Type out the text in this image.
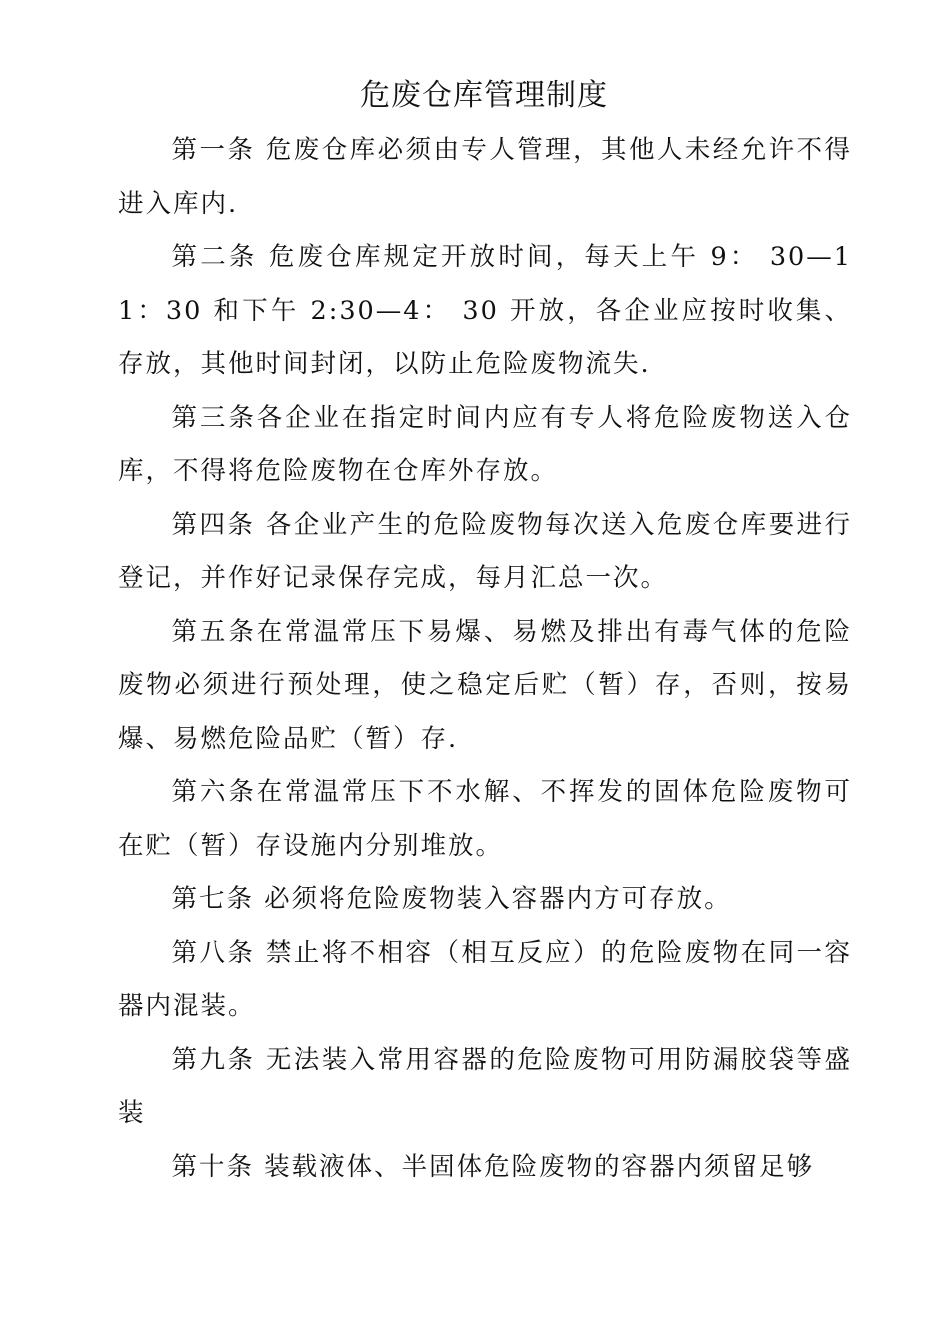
危废仓库管理制度

第一条 危废仓库必须由专人管理，其他人未经允许不得进入库内.

第二条 危废仓库规定开放时间，每天上午 9： 30—11：30 和下午 2:30—4： 30 开放，各企业应按时收集、存放，其他时间封闭，以防止危险废物流失.

第三条各企业在指定时间内应有专人将危险废物送入仓库，不得将危险废物在仓库外存放。

第四条 各企业产生的危险废物每次送入危废仓库要进行登记，并作好记录保存完成，每月汇总一次。

第五条在常温常压下易爆、易燃及排出有毒气体的危险废物必须进行预处理，使之稳定后贮（暂）存，否则，按易爆、易燃危险品贮（暂）存.

第六条在常温常压下不水解、不挥发的固体危险废物可在贮（暂）存设施内分别堆放。

第七条 必须将危险废物装入容器内方可存放。

第八条 禁止将不相容（相互反应）的危险废物在同一容器内混装。

第九条 无法装入常用容器的危险废物可用防漏胶袋等盛装

第十条 装载液体、半固体危险废物的容器内须留足够
